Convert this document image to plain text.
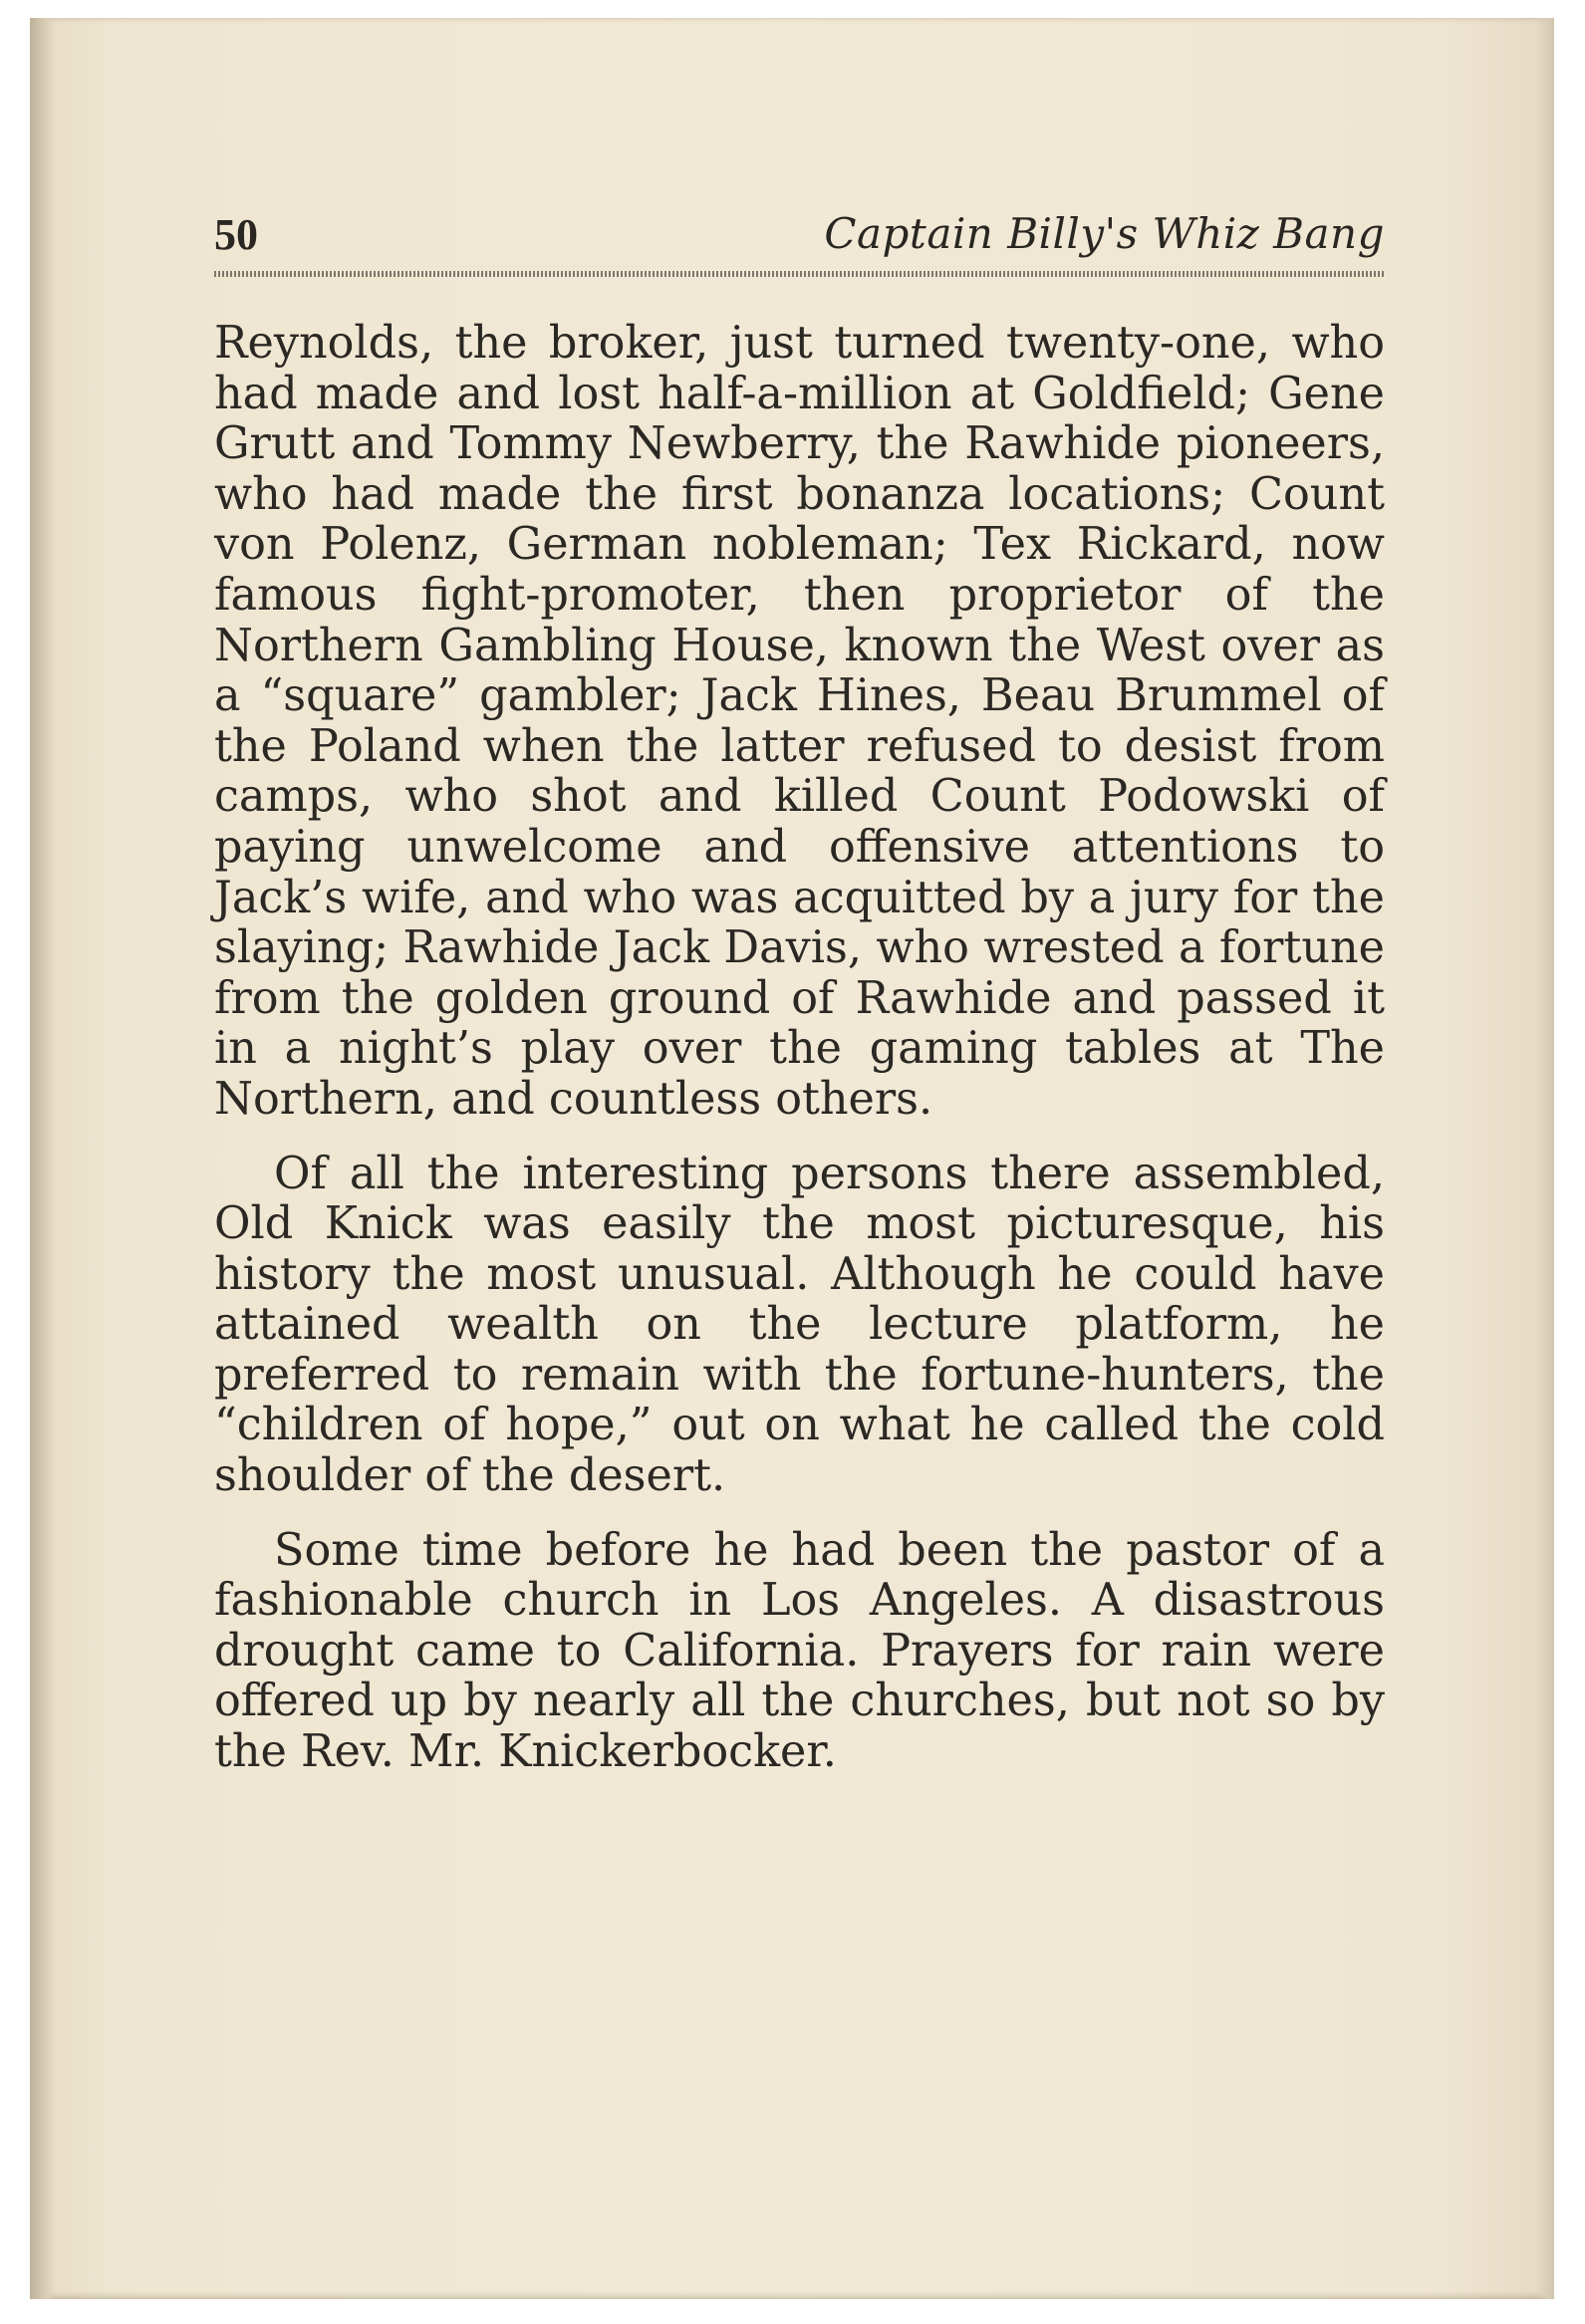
50	Captain Billy's Whiz Bang

Reynolds, the broker, just turned twenty-one, who had made and lost half-a-million at Goldfield; Gene Grutt and Tommy Newberry, the Rawhide pioneers, who had made the first bonanza locations; Count von Polenz, German nobleman; Tex Rickard, now famous fight-promoter, then proprietor of the Northern Gambling House, known the West over as a “square” gambler; Jack Hines, Beau Brummel of the Poland when the latter refused to desist from camps, who shot and killed Count Podowski of paying unwelcome and offensive attentions to Jack’s wife, and who was acquitted by a jury for the slaying; Rawhide Jack Davis, who wrested a fortune from the golden ground of Rawhide and passed it in a night’s play over the gaming tables at The Northern, and countless others.

Of all the interesting persons there assembled, Old Knick was easily the most picturesque, his history the most unusual. Although he could have attained wealth on the lecture platform, he preferred to remain with the fortune-hunters, the “children of hope,” out on what he called the cold shoulder of the desert.

Some time before he had been the pastor of a fashionable church in Los Angeles. A disastrous drought came to California. Prayers for rain were offered up by nearly all the churches, but not so by the Rev. Mr. Knickerbocker.
